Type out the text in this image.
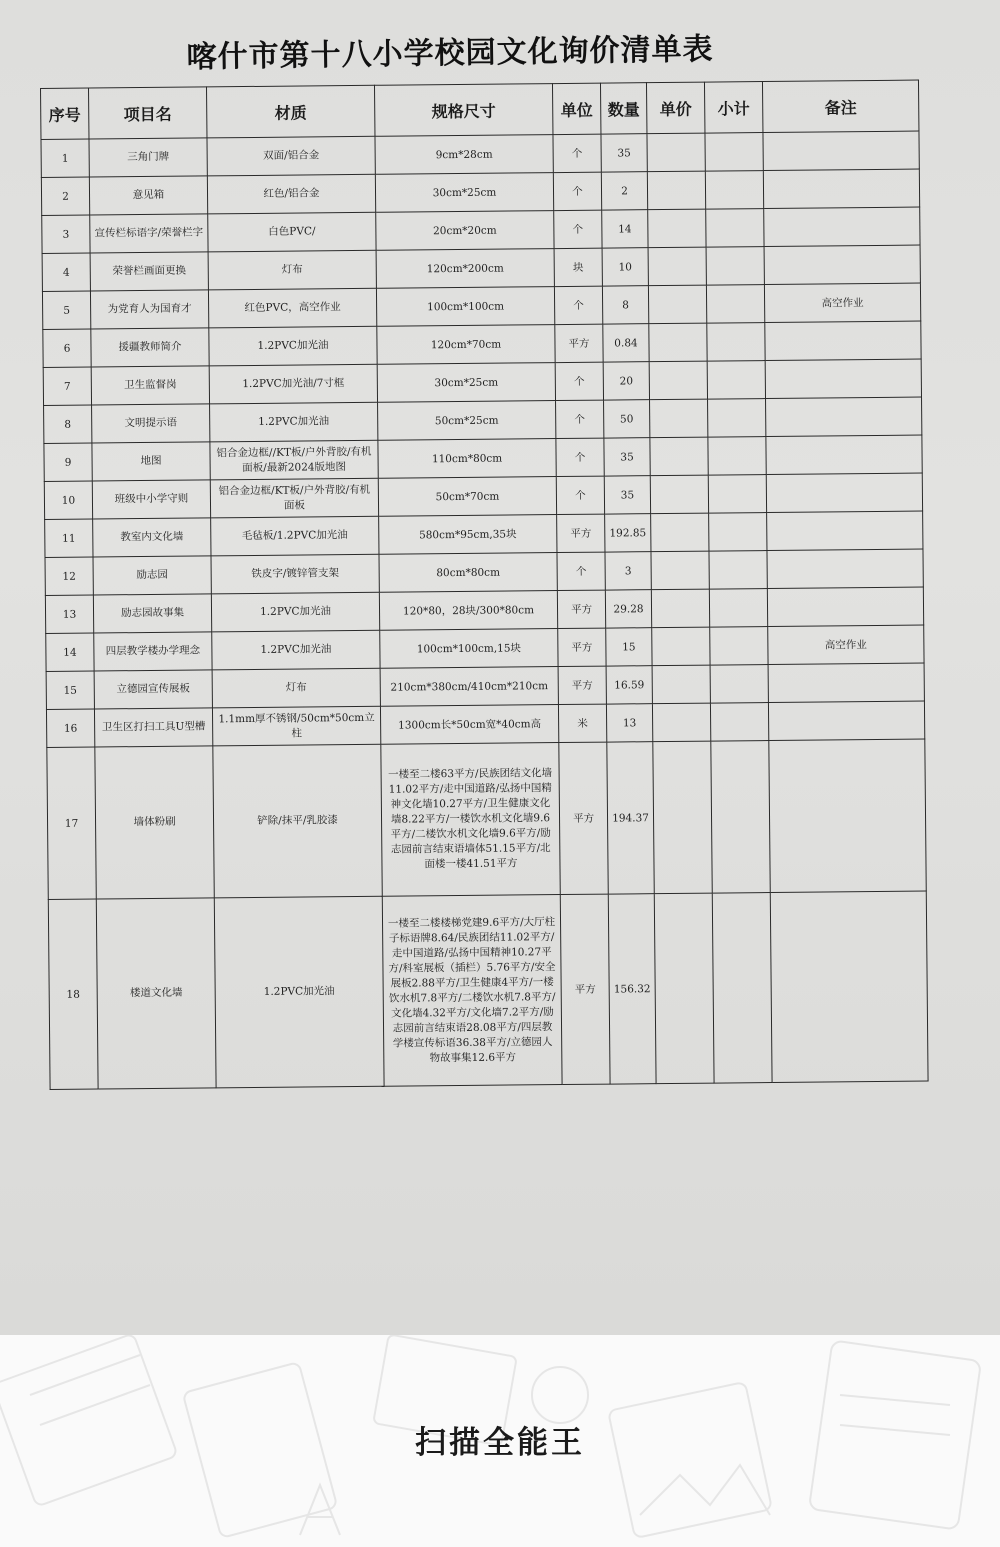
喀什市第十八小学校园文化询价清单表
序号	项目名	材质	规格尺寸	单位	数量	单价	小计	备注
1	三角门牌	双面/铝合金	9cm*28cm	个	35			
2	意见箱	红色/铝合金	30cm*25cm	个	2			
3	宣传栏标语字/荣誉栏字	白色PVC/	20cm*20cm	个	14			
4	荣誉栏画面更换	灯布	120cm*200cm	块	10			
5	为党育人为国育才	红色PVC，高空作业	100cm*100cm	个	8			高空作业
6	援疆教师简介	1.2PVC加光油	120cm*70cm	平方	0.84			
7	卫生监督岗	1.2PVC加光油/7寸框	30cm*25cm	个	20			
8	文明提示语	1.2PVC加光油	50cm*25cm	个	50			
9	地图	铝合金边框//KT板/户外背胶/有机面板/最新2024版地图	110cm*80cm	个	35			
10	班级中小学守则	铝合金边框/KT板/户外背胶/有机面板	50cm*70cm	个	35			
11	教室内文化墙	毛毡板/1.2PVC加光油	580cm*95cm,35块	平方	192.85			
12	励志园	铁皮字/镀锌管支架	80cm*80cm	个	3			
13	励志园故事集	1.2PVC加光油	120*80，28块/300*80cm	平方	29.28			
14	四层教学楼办学理念	1.2PVC加光油	100cm*100cm,15块	平方	15			高空作业
15	立德园宣传展板	灯布	210cm*380cm/410cm*210cm	平方	16.59			
16	卫生区打扫工具U型槽	1.1mm厚不锈钢/50cm*50cm立柱	1300cm长*50cm宽*40cm高	米	13			
17	墙体粉刷	铲除/抹平/乳胶漆	一楼至二楼63平方/民族团结文化墙11.02平方/走中国道路/弘扬中国精神文化墙10.27平方/卫生健康文化墙8.22平方/一楼饮水机文化墙9.6平方/二楼饮水机文化墙9.6平方/励志园前言结束语墙体51.15平方/北面楼一楼41.51平方	平方	194.37			
18	楼道文化墙	1.2PVC加光油	一楼至二楼楼梯党建9.6平方/大厅柱子标语牌8.64/民族团结11.02平方/走中国道路/弘扬中国精神10.27平方/科室展板（插栏）5.76平方/安全展板2.88平方/卫生健康4平方/一楼饮水机7.8平方/二楼饮水机7.8平方/文化墙4.32平方/文化墙7.2平方/励志园前言结束语28.08平方/四层教学楼宣传标语36.38平方/立德园人物故事集12.6平方	平方	156.32			
扫描全能王
